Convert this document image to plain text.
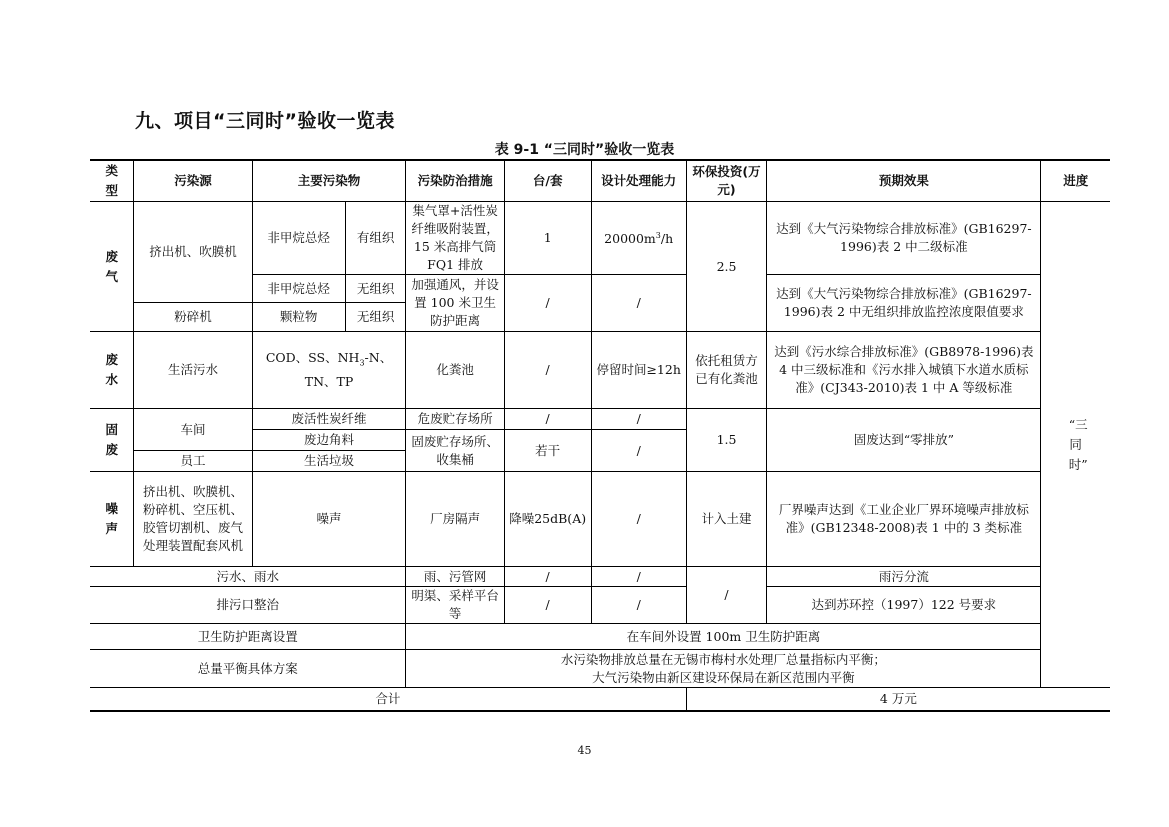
九、项目“三同时”验收一览表
表 9-1 “三同时”验收一览表
类型	污染源	主要污染物		污染防治措施	台/套	设计处理能力	环保投资(万元)	预期效果	进度
废气	挤出机、吹膜机	非甲烷总烃	有组织	集气罩+活性炭纤维吸附装置，15 米高排气筒 FQ1 排放	1	$20000m^3/h$	2.5	达到《大气污染物综合排放标准》(GB16297-1996)表 2 中二级标准	“三同时”
		非甲烷总烃	无组织	加强通风，并设置 100 米卫生防护距离	/	/		达到《大气污染物综合排放标准》(GB16297-1996)表 2 中无组织排放监控浓度限值要求	
	粉碎机	颗粒物	无组织						
废水	生活污水	COD、SS、$NH_3-N$、TN、TP		化粪池	/	停留时间≥12h	依托租赁方已有化粪池	达到《污水综合排放标准》(GB8978-1996)表 4 中三级标准和《污水排入城镇下水道水质标准》(CJ343-2010)表 1 中 A 等级标准	
固废	车间	废活性炭纤维		危废贮存场所	/	/	1.5	固废达到“零排放”	
		废边角料		固废贮存场所、收集桶	若干	/			
	员工	生活垃圾							
噪声	挤出机、吹膜机、粉碎机、空压机、胶管切割机、废气处理装置配套风机	噪声		厂房隔声	降噪25dB(A)	/	计入土建	厂界噪声达到《工业企业厂界环境噪声排放标准》(GB12348-2008)表 1 中的 3 类标准	
污水、雨水				雨、污管网	/	/	/	雨污分流	
排污口整治				明渠、采样平台等	/	/		达到苏环控（1997）122 号要求	
卫生防护距离设置				在车间外设置 100m 卫生防护距离					
总量平衡具体方案				水污染物排放总量在无锡市梅村水处理厂总量指标内平衡；
大气污染物由新区建设环保局在新区范围内平衡					

合计							4 万元		
45
